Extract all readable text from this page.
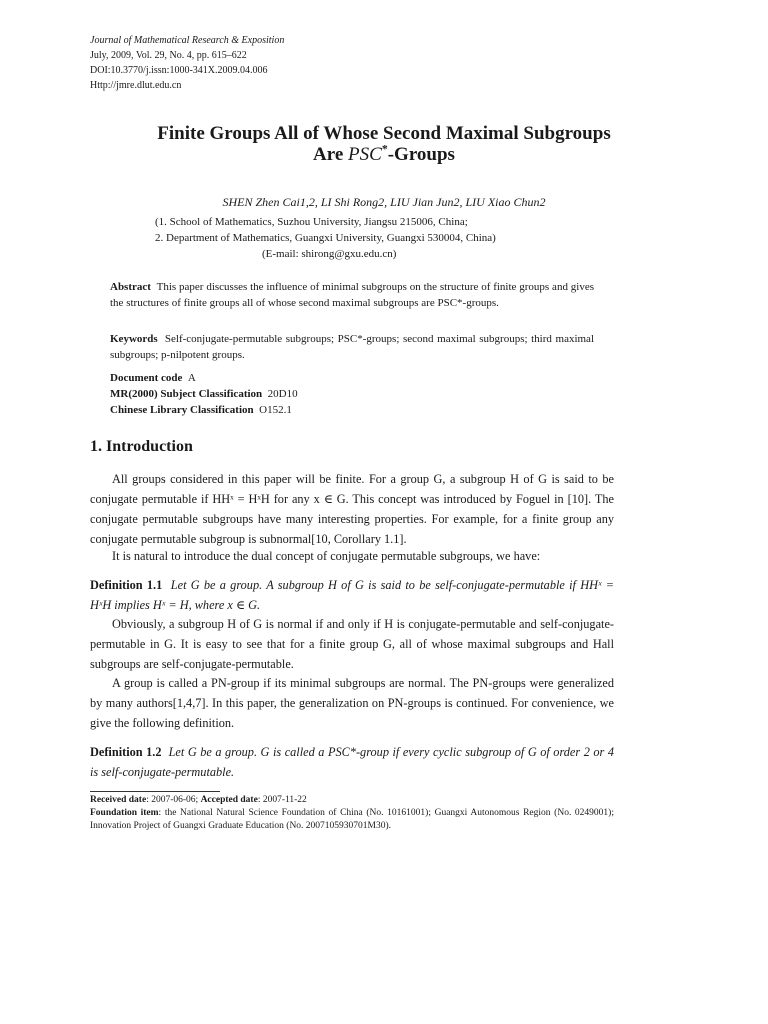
Journal of Mathematical Research & Exposition
July, 2009, Vol. 29, No. 4, pp. 615–622
DOI:10.3770/j.issn:1000-341X.2009.04.006
Http://jmre.dlut.edu.cn
Finite Groups All of Whose Second Maximal Subgroups
Are PSC*-Groups
SHEN Zhen Cai1,2, LI Shi Rong2, LIU Jian Jun2, LIU Xiao Chun2
(1. School of Mathematics, Suzhou University, Jiangsu 215006, China;
2. Department of Mathematics, Guangxi University, Guangxi 530004, China)
(E-mail: shirong@gxu.edu.cn)
Abstract This paper discusses the influence of minimal subgroups on the structure of finite groups and gives the structures of finite groups all of whose second maximal subgroups are PSC*-groups.
Keywords Self-conjugate-permutable subgroups; PSC*-groups; second maximal subgroups; third maximal subgroups; p-nilpotent groups.
Document code A
MR(2000) Subject Classification 20D10
Chinese Library Classification O152.1
1. Introduction
All groups considered in this paper will be finite. For a group G, a subgroup H of G is said to be conjugate permutable if HHˣ = HˣH for any x ∈ G. This concept was introduced by Foguel in [10]. The conjugate permutable subgroups have many interesting properties. For example, for a finite group any conjugate permutable subgroup is subnormal[10, Corollary 1.1].
It is natural to introduce the dual concept of conjugate permutable subgroups, we have:
Definition 1.1 Let G be a group. A subgroup H of G is said to be self-conjugate-permutable if HHˣ = HˣH implies Hˣ = H, where x ∈ G.
Obviously, a subgroup H of G is normal if and only if H is conjugate-permutable and self-conjugate-permutable in G. It is easy to see that for a finite group G, all of whose maximal subgroups and Hall subgroups are self-conjugate-permutable.
A group is called a PN-group if its minimal subgroups are normal. The PN-groups were generalized by many authors[1,4,7]. In this paper, the generalization on PN-groups is continued. For convenience, we give the following definition.
Definition 1.2 Let G be a group. G is called a PSC*-group if every cyclic subgroup of G of order 2 or 4 is self-conjugate-permutable.
Received date: 2007-06-06; Accepted date: 2007-11-22
Foundation item: the National Natural Science Foundation of China (No. 10161001); Guangxi Autonomous Region (No. 0249001); Innovation Project of Guangxi Graduate Education (No. 2007105930701M30).
